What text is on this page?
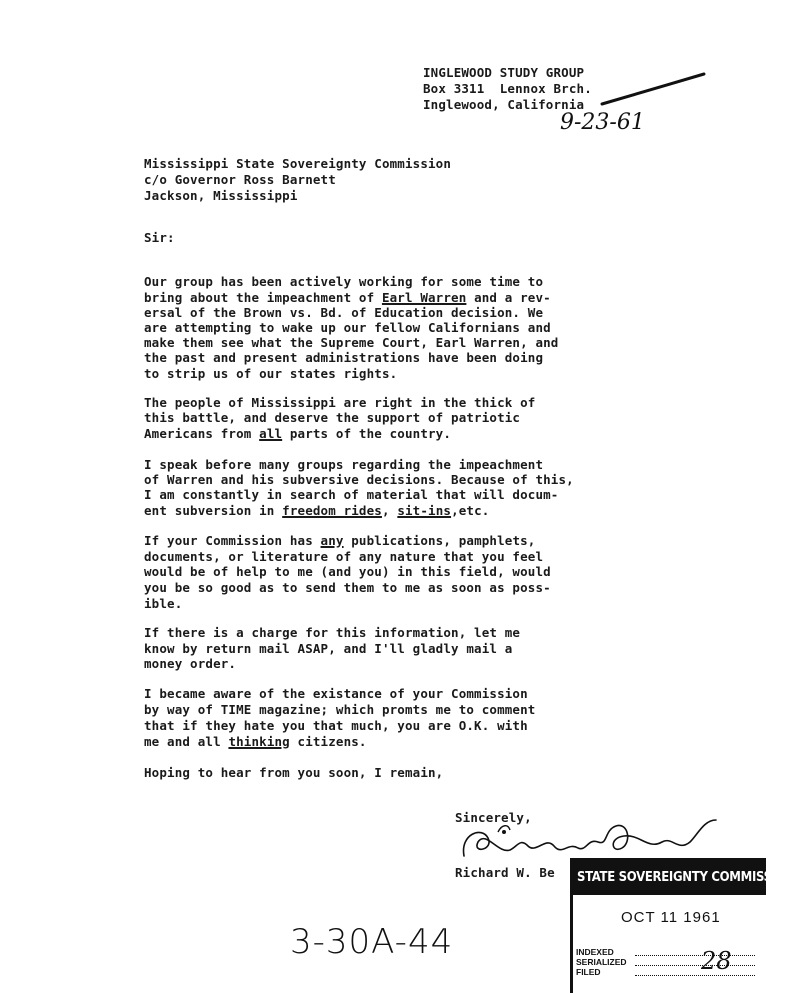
INGLEWOOD STUDY GROUP
Box 3311  Lennox Brch.
Inglewood, California
9-23-61
Mississippi State Sovereignty Commission
c/o Governor Ross Barnett
Jackson, Mississippi
Sir:
Our group has been actively working for some time to
bring about the impeachment of Earl Warren and a rev-
ersal of the Brown vs. Bd. of Education decision. We
are attempting to wake up our fellow Californians and
make them see what the Supreme Court, Earl Warren, and
the past and present administrations have been doing
to strip us of our states rights.
The people of Mississippi are right in the thick of
this battle, and deserve the support of patriotic
Americans from all parts of the country.
I speak before many groups regarding the impeachment
of Warren and his subversive decisions. Because of this,
I am constantly in search of material that will docum-
ent subversion in freedom rides, sit-ins,etc.
If your Commission has any publications, pamphlets,
documents, or literature of any nature that you feel
would be of help to me (and you) in this field, would
you be so good as to send them to me as soon as poss-
ible.
If there is a charge for this information, let me
know by return mail ASAP, and I'll gladly mail a
money order.
I became aware of the existance of your Commission
by way of TIME magazine; which promts me to comment
that if they hate you that much, you are O.K. with
me and all thinking citizens.
Hoping to hear from you soon, I remain,
Sincerely,
Richard W. Be	STATE SOVEREIGNTY COMMISSION
OCT 11 1961
INDEXED
SERIALIZED
FILED	28
3-30A-44
